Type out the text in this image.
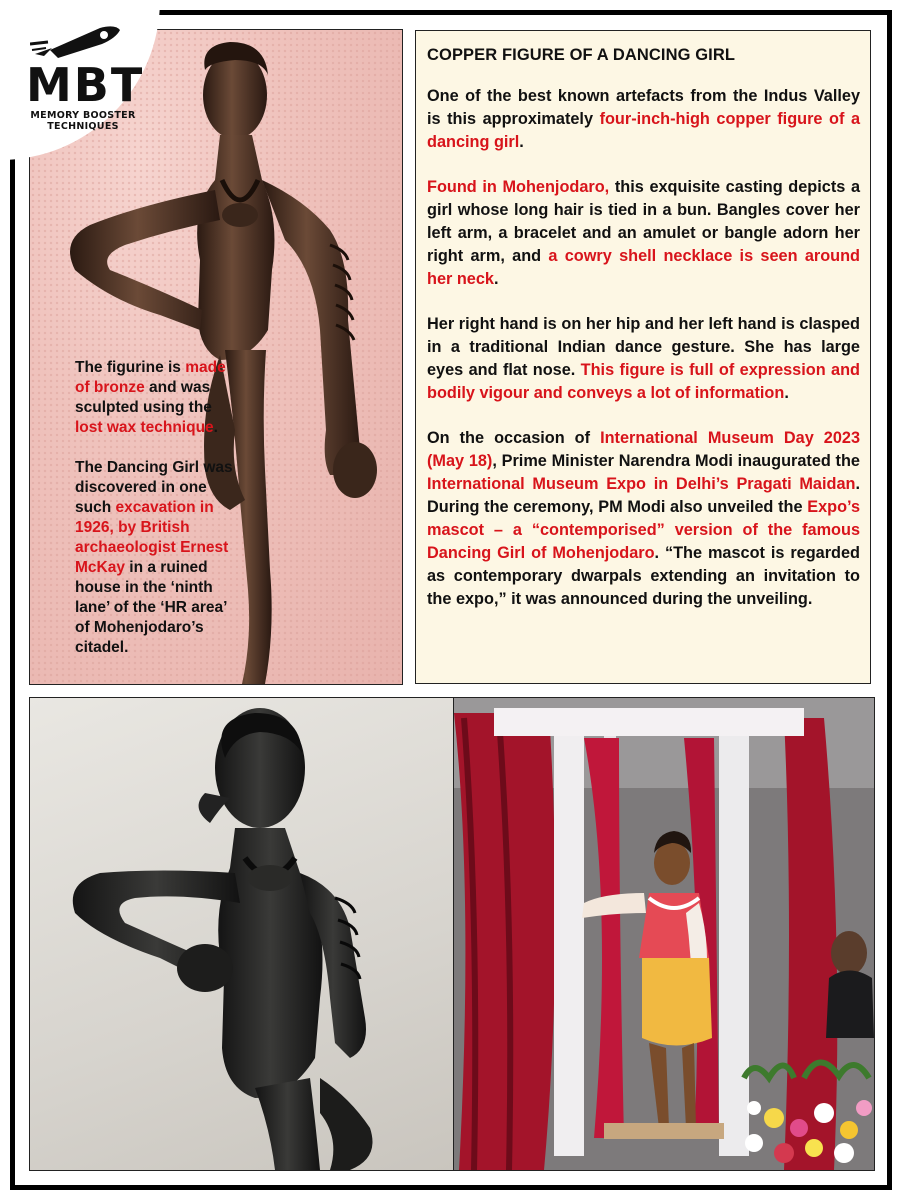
The figurine is made of bronze and was sculpted using the lost wax technique.

The Dancing Girl was discovered in one such excavation in 1926, by British archaeologist Ernest McKay in a ruined house in the ‘ninth lane’ of the ‘HR area’ of Mohenjodaro’s citadel.

MBT
MEMORY BOOSTER
TECHNIQUES
COPPER FIGURE OF A DANCING GIRL

One of the best known artefacts from the Indus Valley is this approximately four-inch-high copper figure of a dancing girl.

Found in Mohenjodaro, this exquisite casting depicts a girl whose long hair is tied in a bun. Bangles cover her left arm, a bracelet and an amulet or bangle adorn her right arm, and a cowry shell necklace is seen around her neck.

Her right hand is on her hip and her left hand is clasped in a traditional Indian dance gesture. She has large eyes and flat nose. This figure is full of expression and bodily vigour and conveys a lot of information.

On the occasion of International Museum Day 2023 (May 18), Prime Minister Narendra Modi inaugurated the International Museum Expo in Delhi’s Pragati Maidan. During the ceremony, PM Modi also unveiled the Expo’s mascot – a “contemporised” version of the famous Dancing Girl of Mohenjodaro. “The mascot is regarded as contemporary dwarpals extending an invitation to the expo,” it was announced during the unveiling.
